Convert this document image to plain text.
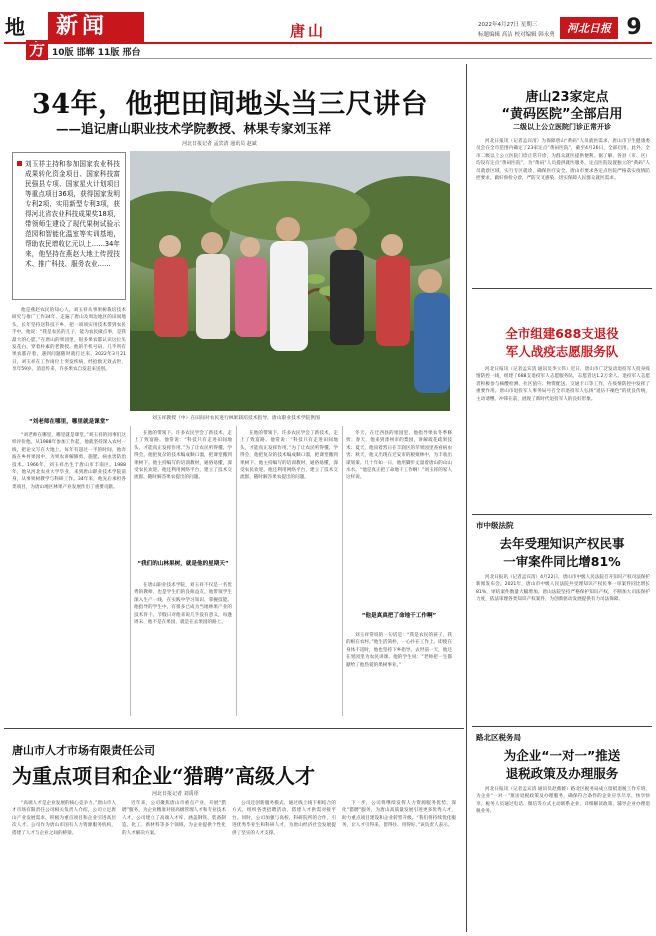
地
方
新闻	唐山
10版 邯郸 11版 邢台
2022年4月27日 星期三
标题编辑 高洁 校对编辑 韩永勇	河北日报 9
34年，他把田间地头当三尺讲台
——追记唐山职业技术学院教授、林果专家刘玉祥
刘玉祥主持和参加国家农业科技成果转化资金项目、国家科技富民强县专项、国家星火计划项目等重点项目36项，获得国家发明专利2项、实用新型专利3项，获得河北省农业科技成果奖18项，带领师生建设了现代果树试验示范园和智能化温室等实训基地，帮助农民增收亿元以上……34年来，他坚持在燕赵大地上传授技术、推广科技、服务农业……
河北日报记者 孟宾清 通讯员 赵斌
刘玉祥教授（中）在田间对农民进行林果栽培技术指导。唐山职业技术学院供图

他是燕赵农民的知心人。刘玉祥从事果树栽培技术研究与推广工作34年，走遍了唐山及周边地区的田间地头，长年坚持送科技下乡，把一项项实用技术带到农民手中。他说：“我是农民的儿子，能为农民做点事，是我最大的心愿。”在唐山的果园里，很多果农都认识这位头发花白、穿着朴素的老教授。他的手机号码，几乎所有果农都存着，遇到问题随时就打过来。2022年3月21日，刘玉祥在工作岗位上突发疾病，经抢救无效去世，享年59岁。消息传来，许多果农自发赶来送别。

“刘老师在哪里，哪里就是课堂”

“刘老师在哪里，哪里就是课堂。”刘玉祥的同事们这样评价他。从1988年参加工作起，他就坚持深入农村一线，把论文写在大地上。每年有超过一半的时间，他奔波在乡村果园中，为果农讲解修剪、施肥、病虫害防治技术。1966年，刘玉祥出生于唐山市丰南区。1988年，他从河北农业大学毕业，来到唐山职业技术学院前身，从事果树教学与科研工作。34年来，他先后承担各类项目，为唐山地区林果产业发展作出了重要贡献。

在他的带领下，许多农民学会了新技术，走上了致富路。他常说：“科技只有走进田间地头，才能真正发挥作用。”为了让农民听得懂、学得会，他把复杂的技术编成顺口溜，把课堂搬到果树下。他主持编写的培训教材，通俗易懂，深受农民欢迎。他还利用网络平台，建立了技术交流群，随时解答果农提出的问题。

“我们的山林果树，就是他的星期天”

在唐山职业技术学院，刘玉祥不仅是一名优秀的教师，也是学生们的良师益友。他带领学生深入生产一线，在实践中学习知识、掌握技能。他指导的学生中，有很多已成为当地林果产业的技术骨干。节假日对他来说几乎没有意义，每逢周末，他不是在果园，就是在去果园的路上。

在他的带领下，许多农民学会了新技术，走上了致富路。他常说：“科技只有走进田间地头，才能真正发挥作用。”为了让农民听得懂、学得会，他把复杂的技术编成顺口溜，把课堂搬到果树下。他主持编写的培训教材，通俗易懂，深受农民欢迎。他还利用网络平台，建立了技术交流群，随时解答果农提出的问题。

冬天，在迁西县的果园里，他指导果农冬季修剪；春天，他来到滦州市的梨园，讲解疏花疏果技术；夏天，他顶着烈日在丰润区的苹果园里查看病虫害；秋天，他又出现在迁安市的板栗林中，为丰收出谋划策。几十年如一日，他用脚步丈量着唐山的山山水水。“他是真正把了命地干工作啊！”刘玉祥的家人这样说。

“他是真真把了命地干工作啊”

刘玉祥常说的一句话是：“我是农民的孩子，我的根在农村。”他生活简朴，一心扑在工作上。即使在身体不适时，他也坚持下乡指导。去世前一天，他还在果园里为农民讲课。他的学生说：“老师把一生都献给了他热爱的果树事业。”

唐山23家定点
“黄码医院”全部启用
二级以上公立医院门诊正常开诊

河北日报讯（记者孟宾清）为保障唐山“黄码”人员就医需求，唐山市卫生健康委员会在全市范围内确定了23家定点“黄码医院”，截至4月26日，全部启用。此外，全市二级以上公立医院门诊正常开诊，为群众就医提供便利。据了解，各县（市、区）均设有定点“黄码医院”，为“黄码”人员提供就医服务。定点医院设置独立的“黄码”人员就诊区域，实行专区就诊，确保医疗安全。唐山市要求各定点医院严格落实疫情防控要求，做好预检分诊，严防交叉感染，切实保障人民群众就医需求。

全市组建688支退役
军人战疫志愿服务队

河北日报讯（记者孟宾清 通讯员李立伟）近日，唐山市广泛发动退役军人投身疫情防控一线，组建了688支退役军人志愿服务队，志愿者达1.2万余人。退役军人志愿者积极参与核酸检测、社区值守、物资配送、交通卡口等工作，在疫情防控中发挥了重要作用。唐山市退役军人事务局号召全市退役军人弘扬“退伍不褪色”的优良传统，主动请缨、冲锋在前，展现了新时代退役军人的良好形象。

市中级法院
去年受理知识产权民事
一审案件同比增81%

河北日报讯（记者孟宾清）4月22日，唐山市中级人民法院召开知识产权司法保护新闻发布会。2021年，唐山市中级人民法院共受理知识产权民事一审案件同比增长81%，审结案件数量大幅增加。唐山法院坚持严格保护知识产权，不断加大司法保护力度，依法审理各类知识产权案件，为创新驱动发展提供有力司法保障。

路北区税务局
为企业“一对一”推送
退税政策及办理服务

河北日报讯（记者孟宾清 通讯员赵薇薇）路北区税务局成立留抵退税工作专班，为企业“一对一”推送退税政策及办理服务，确保符合条件的企业应享尽享、快享快享。税务人员通过电话、微信等方式主动联系企业，详细解读政策，辅导企业办理退税业务。

唐山市人才市场有限责任公司
为重点项目和企业“猎聘”高级人才
河北日报记者 刘禹彤

“高端人才是企业发展的核心竞争力。”唐山市人才市场有限责任公司相关负责人介绍，公司立足唐山产业发展需求，积极为重点项目和企业引进高层次人才。公司作为唐山市国有人力资源服务机构，搭建了人才与企业之间的桥梁。

近年来，公司聚焦唐山市重点产业，开展“猎聘”服务，为企业精准对接高级管理人才和专业技术人才。公司建立了高端人才库，涵盖钢铁、装备制造、化工、新材料等多个领域，为企业提供个性化的人才解决方案。

公司还创新服务模式，通过线上线下相结合的方式，组织各类招聘活动，搭建人才供需对接平台。同时，公司加强与高校、科研院所的合作，引进优秀毕业生和科研人才，为唐山经济社会发展提供了坚实的人才支撑。

下一步，公司将继续发挥人力资源服务优势，深化“猎聘”服务，为唐山高质量发展引进更多优秀人才，助力重点项目建设和企业转型升级。“我们将持续优化服务，让人才引得来、留得住、用得好。”该负责人表示。
